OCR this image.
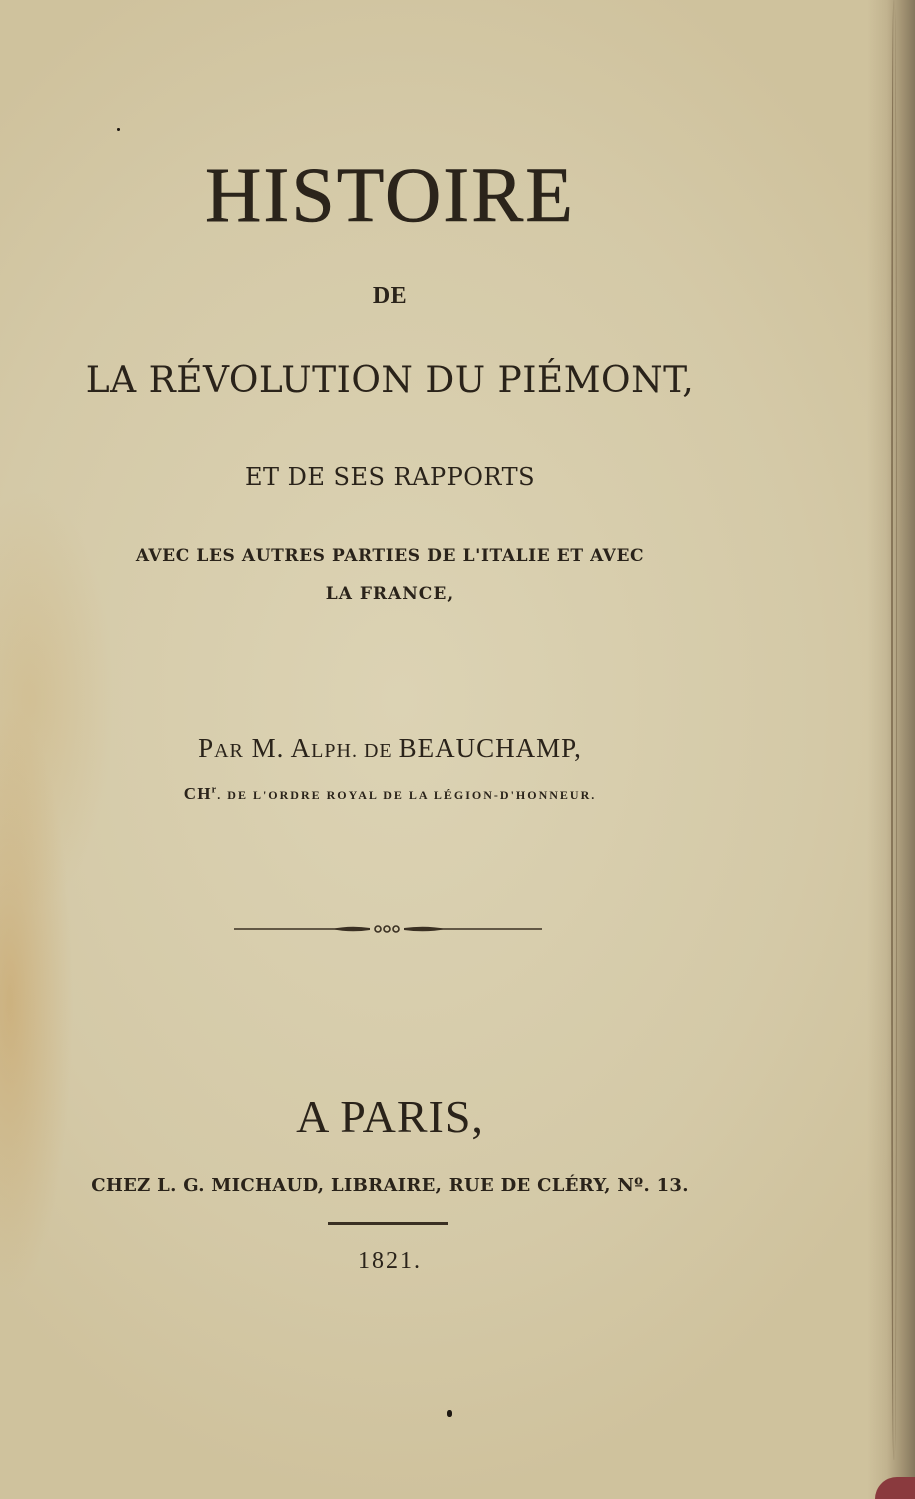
HISTOIRE
DE
LA RÉVOLUTION DU PIÉMONT,
ET DE SES RAPPORTS
AVEC LES AUTRES PARTIES DE L'ITALIE ET AVEC
LA FRANCE,
PAR M. ALPH. DE BEAUCHAMP,
$CH^r$. DE L'ORDRE ROYAL DE LA LÉGION-D'HONNEUR.
A PARIS,
CHEZ L. G. MICHAUD, LIBRAIRE, RUE DE CLÉRY, Nº. 13.
1821.
